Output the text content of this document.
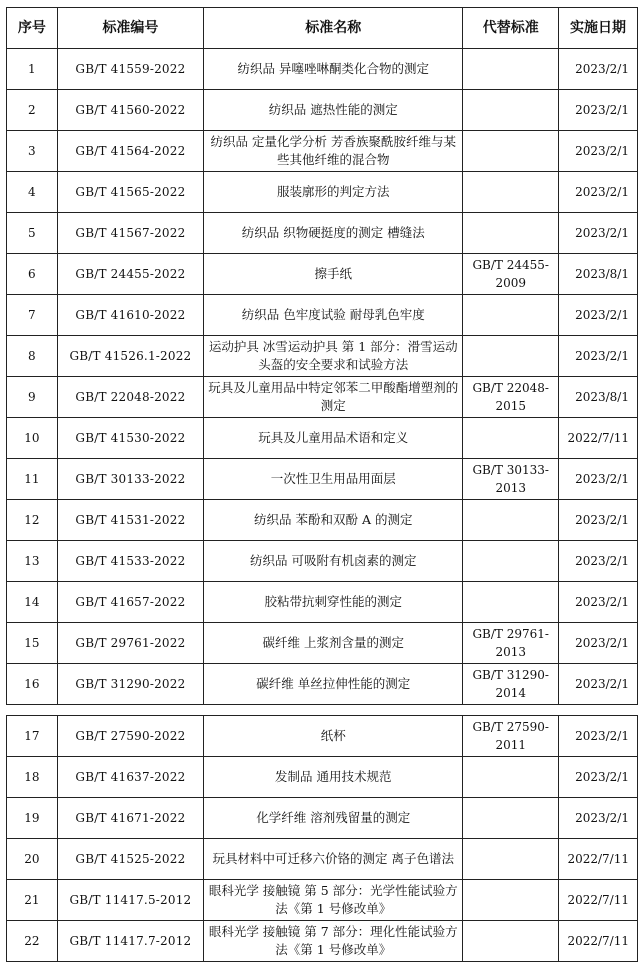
序号	标准编号	标准名称	代替标准	实施日期
1	GB/T 41559-2022	纺织品 异噻唑啉酮类化合物的测定		2023/2/1
2	GB/T 41560-2022	纺织品 遮热性能的测定		2023/2/1
3	GB/T 41564-2022	纺织品 定量化学分析 芳香族聚酰胺纤维与某些其他纤维的混合物		2023/2/1
4	GB/T 41565-2022	服装廓形的判定方法		2023/2/1
5	GB/T 41567-2022	纺织品 织物硬挺度的测定 槽缝法		2023/2/1
6	GB/T 24455-2022	擦手纸	GB/T 24455-2009	2023/8/1
7	GB/T 41610-2022	纺织品 色牢度试验 耐母乳色牢度		2023/2/1
8	GB/T 41526.1-2022	运动护具 冰雪运动护具 第 1 部分：滑雪运动头盔的安全要求和试验方法		2023/2/1
9	GB/T 22048-2022	玩具及儿童用品中特定邻苯二甲酸酯增塑剂的测定	GB/T 22048-2015	2023/8/1
10	GB/T 41530-2022	玩具及儿童用品术语和定义		2022/7/11
11	GB/T 30133-2022	一次性卫生用品用面层	GB/T 30133-2013	2023/2/1
12	GB/T 41531-2022	纺织品 苯酚和双酚 A 的测定		2023/2/1
13	GB/T 41533-2022	纺织品 可吸附有机卤素的测定		2023/2/1
14	GB/T 41657-2022	胶粘带抗刺穿性能的测定		2023/2/1
15	GB/T 29761-2022	碳纤维 上浆剂含量的测定	GB/T 29761-2013	2023/2/1
16	GB/T 31290-2022	碳纤维 单丝拉伸性能的测定	GB/T 31290-2014	2023/2/1
17	GB/T 27590-2022	纸杯	GB/T 27590-2011	2023/2/1
18	GB/T 41637-2022	发制品 通用技术规范		2023/2/1
19	GB/T 41671-2022	化学纤维 溶剂残留量的测定		2023/2/1
20	GB/T 41525-2022	玩具材料中可迁移六价铬的测定 离子色谱法		2022/7/11
21	GB/T 11417.5-2012	眼科光学 接触镜 第 5 部分：光学性能试验方法《第 1 号修改单》		2022/7/11
22	GB/T 11417.7-2012	眼科光学 接触镜 第 7 部分：理化性能试验方法《第 1 号修改单》		2022/7/11
